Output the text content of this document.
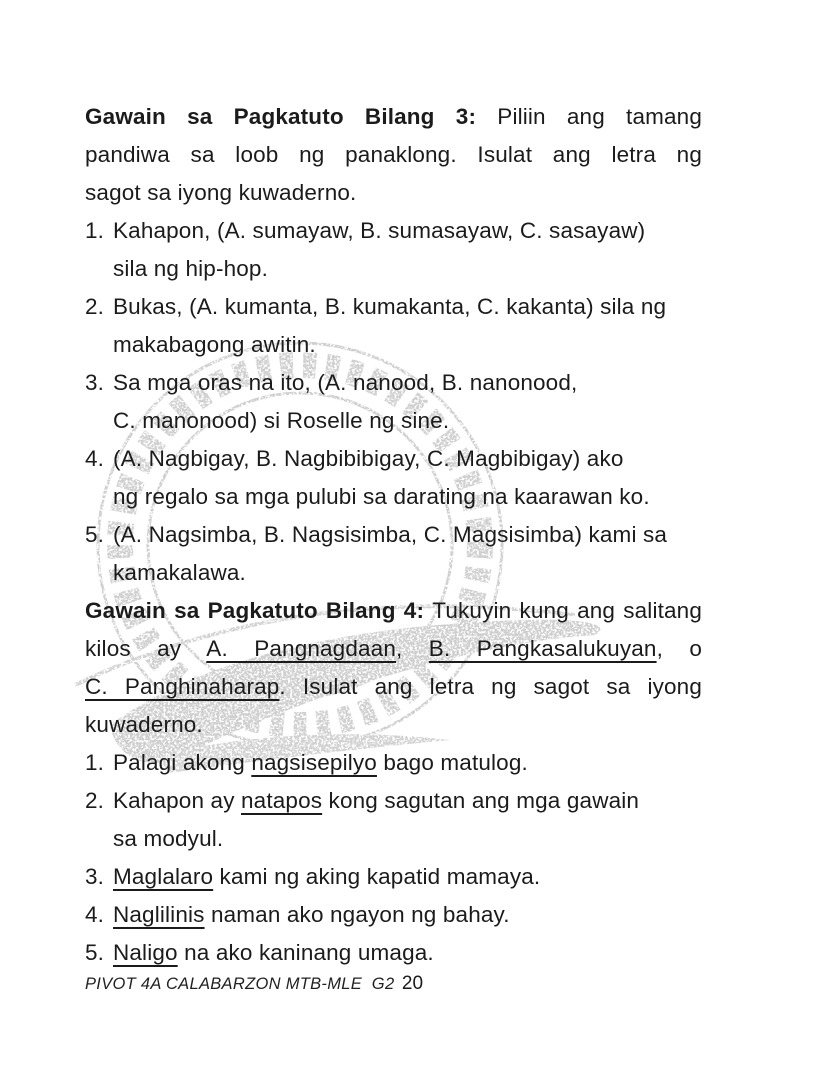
Gawain sa Pagkatuto Bilang 3: Piliin ang tamang
pandiwa sa loob ng panaklong. Isulat ang letra ng
sagot sa iyong kuwaderno.
1. Kahapon, (A. sumayaw, B. sumasayaw, C. sasayaw)
sila ng hip-hop.
2. Bukas, (A. kumanta, B. kumakanta, C. kakanta) sila ng
makabagong awitin.
3. Sa mga oras na ito, (A. nanood, B. nanonood,
C. manonood) si Roselle ng sine.
4. (A. Nagbigay, B. Nagbibibigay, C. Magbibigay) ako
ng regalo sa mga pulubi sa darating na kaarawan ko.
5. (A. Nagsimba, B. Nagsisimba, C. Magsisimba) kami sa
kamakalawa.
Gawain sa Pagkatuto Bilang 4: Tukuyin kung ang salitang
kilos ay A. Pangnagdaan, B. Pangkasalukuyan, o
C. Panghinaharap. Isulat ang letra ng sagot sa iyong
kuwaderno.
1. Palagi akong nagsisepilyo bago matulog.
2. Kahapon ay natapos kong sagutan ang mga gawain
sa modyul.
3. Maglalaro kami ng aking kapatid mamaya.
4. Naglilinis naman ako ngayon ng bahay.
5. Naligo na ako kaninang umaga.
PIVOT 4A CALABARZON MTB-MLE  G2 20
